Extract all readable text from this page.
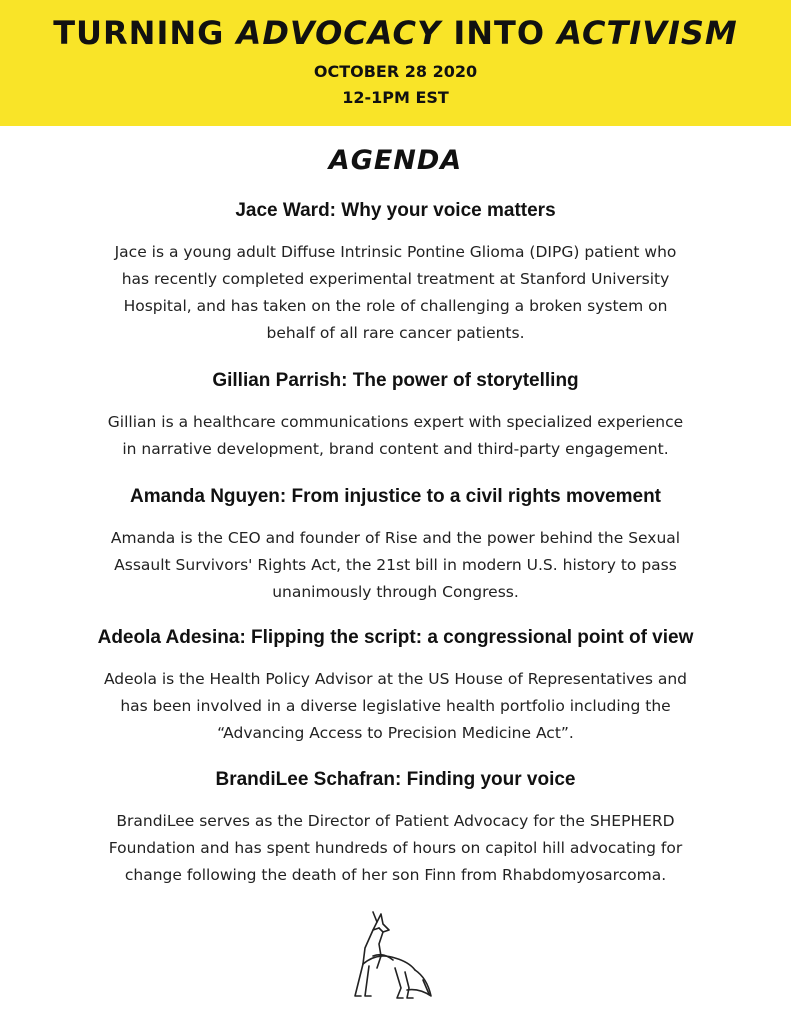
TURNING ADVOCACY INTO ACTIVISM
OCTOBER 28 2020
12-1PM EST
AGENDA

Jace Ward: Why your voice matters

Jace is a young adult Diffuse Intrinsic Pontine Glioma (DIPG) patient who
has recently completed experimental treatment at Stanford University
Hospital, and has taken on the role of challenging a broken system on
behalf of all rare cancer patients.

Gillian Parrish: The power of storytelling

Gillian is a healthcare communications expert with specialized experience
in narrative development, brand content and third-party engagement.

Amanda Nguyen: From injustice to a civil rights movement

Amanda is the CEO and founder of Rise and the power behind the Sexual
Assault Survivors' Rights Act, the 21st bill in modern U.S. history to pass
unanimously through Congress.

Adeola Adesina: Flipping the script: a congressional point of view

Adeola is the Health Policy Advisor at the US House of Representatives and
has been involved in a diverse legislative health portfolio including the
“Advancing Access to Precision Medicine Act”.

BrandiLee Schafran: Finding your voice

BrandiLee serves as the Director of Patient Advocacy for the SHEPHERD
Foundation and has spent hundreds of hours on capitol hill advocating for
change following the death of her son Finn from Rhabdomyosarcoma.
